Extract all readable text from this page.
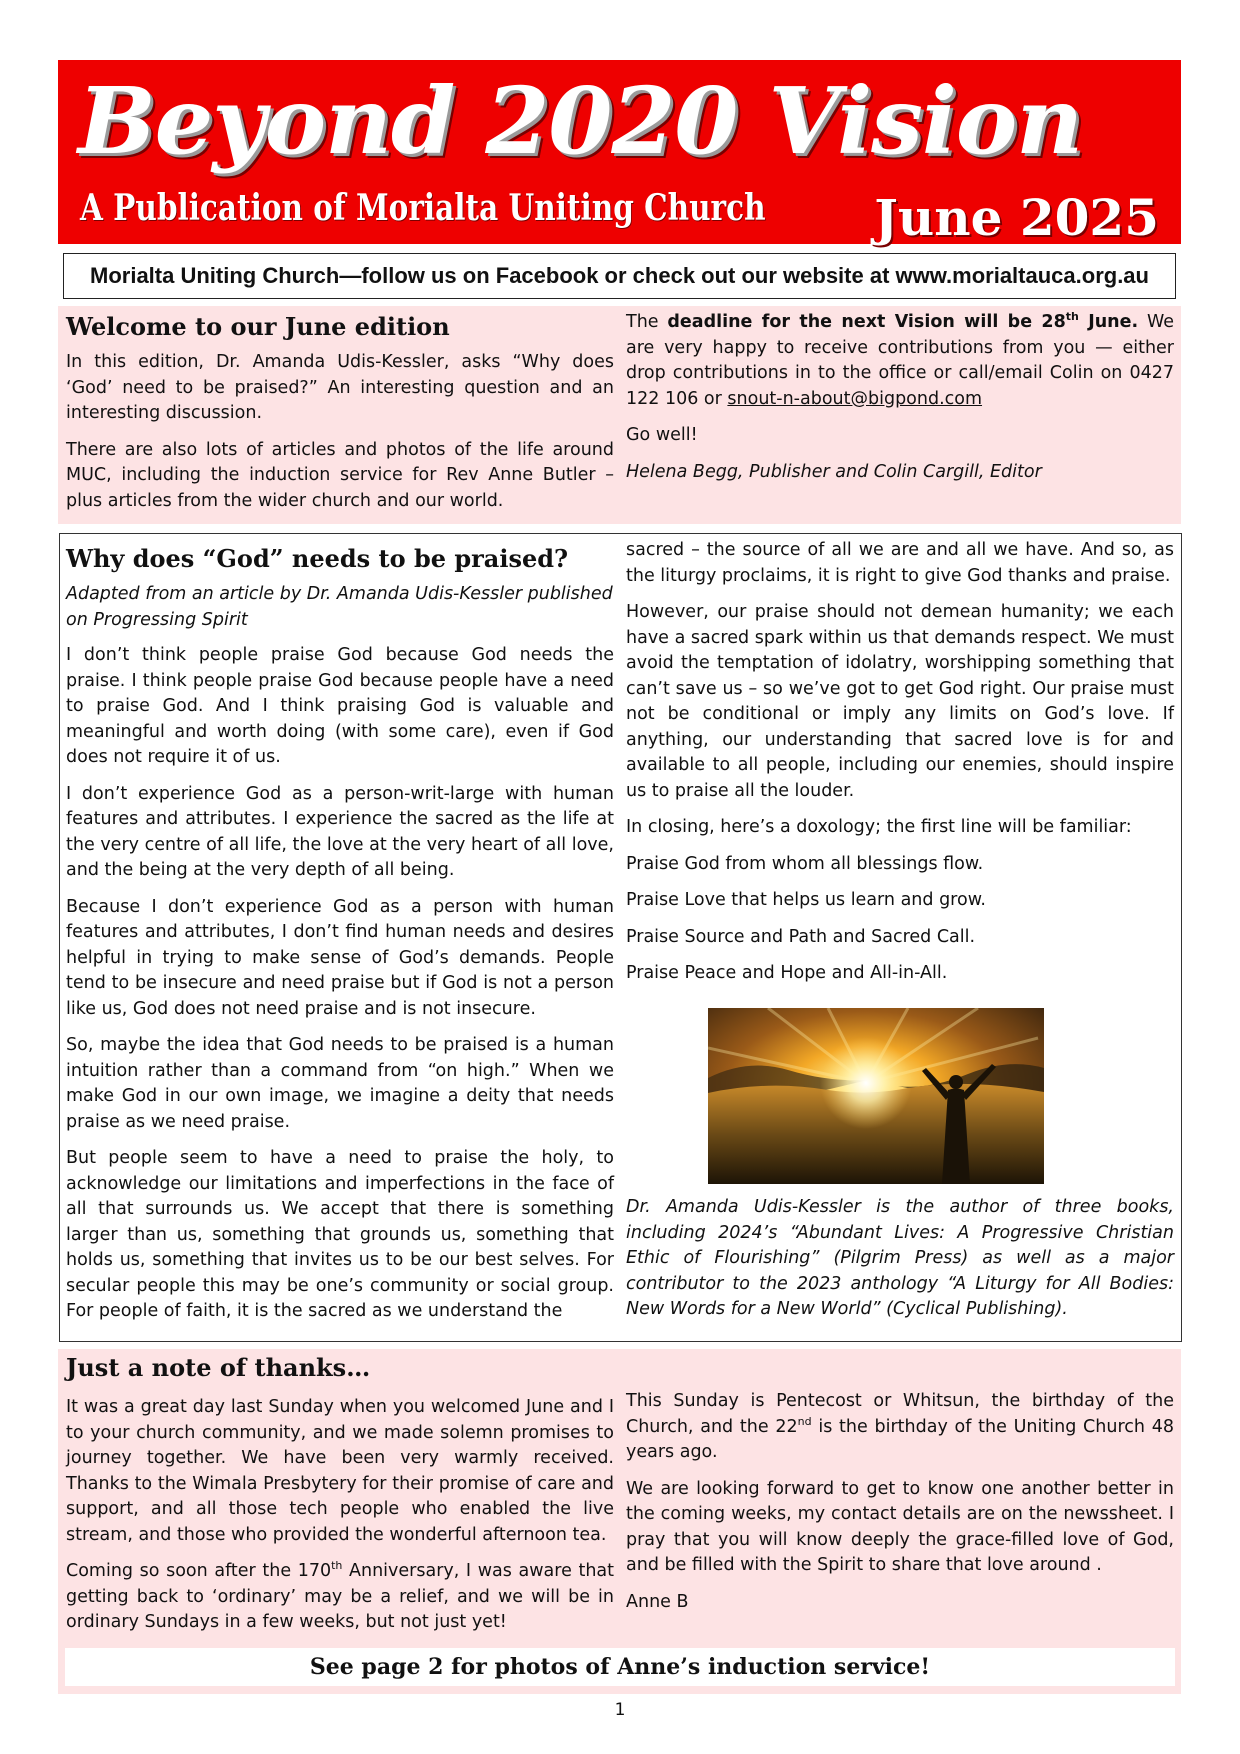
Beyond 2020 Vision
A Publication of Morialta Uniting Church June 2025
Morialta Uniting Church—follow us on Facebook or check out our website at www.morialtauca.org.au
Welcome to our June edition

In this edition, Dr. Amanda Udis-Kessler, asks “Why does ‘God’ need to be praised?” An interesting question and an interesting discussion.

There are also lots of articles and photos of the life around MUC, including the induction service for Rev Anne Butler – plus articles from the wider church and our world.

The deadline for the next Vision will be 28th June. We are very happy to receive contributions from you — either drop contributions in to the office or call/email Colin on 0427 122 106 or snout-n-about@bigpond.com

Go well!

Helena Begg, Publisher and Colin Cargill, Editor

Why does “God” needs to be praised?

Adapted from an article by Dr. Amanda Udis-Kessler published on Progressing Spirit

I don’t think people praise God because God needs the praise. I think people praise God because people have a need to praise God. And I think praising God is valuable and meaningful and worth doing (with some care), even if God does not require it of us.

I don’t experience God as a person-writ-large with human features and attributes. I experience the sacred as the life at the very centre of all life, the love at the very heart of all love, and the being at the very depth of all being.

Because I don’t experience God as a person with human features and attributes, I don’t find human needs and desires helpful in trying to make sense of God’s demands. People tend to be insecure and need praise but if God is not a person like us, God does not need praise and is not insecure.

So, maybe the idea that God needs to be praised is a human intuition rather than a command from “on high.” When we make God in our own image, we imagine a deity that needs praise as we need praise.

But people seem to have a need to praise the holy, to acknowledge our limitations and imperfections in the face of all that surrounds us. We accept that there is something larger than us, something that grounds us, something that holds us, something that invites us to be our best selves. For secular people this may be one’s community or social group. For people of faith, it is the sacred as we understand the

sacred – the source of all we are and all we have. And so, as the liturgy proclaims, it is right to give God thanks and praise.

However, our praise should not demean humanity; we each have a sacred spark within us that demands respect. We must avoid the temptation of idolatry, worshipping something that can’t save us – so we’ve got to get God right. Our praise must not be conditional or imply any limits on God’s love. If anything, our understanding that sacred love is for and available to all people, including our enemies, should inspire us to praise all the louder.

In closing, here’s a doxology; the first line will be familiar:

Praise God from whom all blessings flow.

Praise Love that helps us learn and grow.

Praise Source and Path and Sacred Call.

Praise Peace and Hope and All-in-All.

Dr. Amanda Udis-Kessler is the author of three books, including 2024’s “Abundant Lives: A Progressive Christian Ethic of Flourishing” (Pilgrim Press) as well as a major contributor to the 2023 anthology “A Liturgy for All Bodies: New Words for a New World” (Cyclical Publishing).

Just a note of thanks…

It was a great day last Sunday when you welcomed June and I to your church community, and we made solemn promises to journey together. We have been very warmly received. Thanks to the Wimala Presbytery for their promise of care and support, and all those tech people who enabled the live stream, and those who provided the wonderful afternoon tea.

Coming so soon after the 170th Anniversary, I was aware that getting back to ‘ordinary’ may be a relief, and we will be in ordinary Sundays in a few weeks, but not just yet!

This Sunday is Pentecost or Whitsun, the birthday of the Church, and the 22nd is the birthday of the Uniting Church 48 years ago.

We are looking forward to get to know one another better in the coming weeks, my contact details are on the newssheet. I pray that you will know deeply the grace-filled love of God, and be filled with the Spirit to share that love around .

Anne B

See page 2 for photos of Anne’s induction service!
1
